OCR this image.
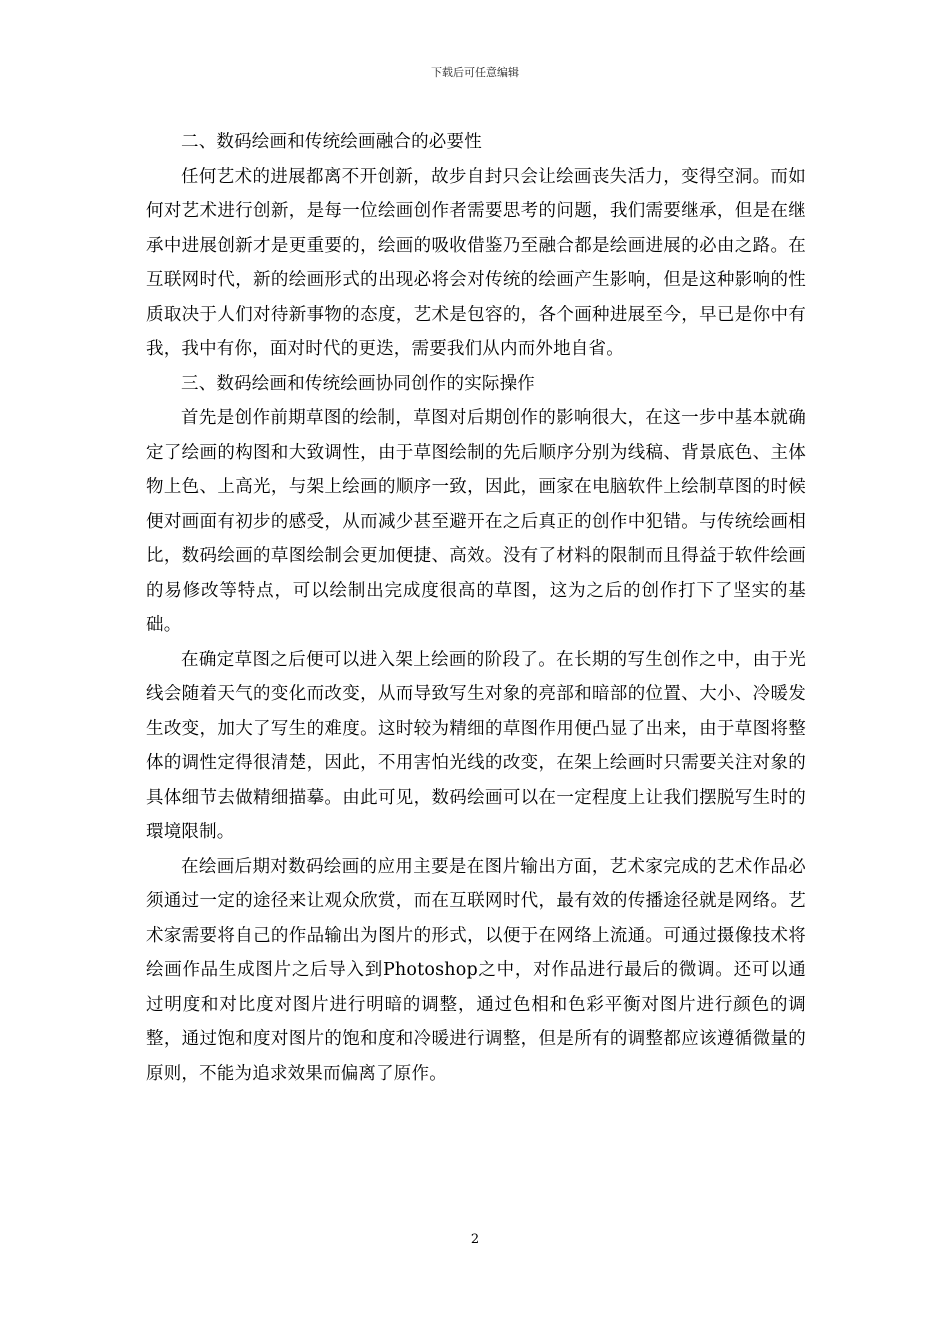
下载后可任意编辑

二、数码绘画和传统绘画融合的必要性

任何艺术的进展都离不开创新，故步自封只会让绘画丧失活力，变得空洞。而如何对艺术进行创新，是每一位绘画创作者需要思考的问题，我们需要继承，但是在继承中进展创新才是更重要的，绘画的吸收借鉴乃至融合都是绘画进展的必由之路。在互联网时代，新的绘画形式的出现必将会对传统的绘画产生影响，但是这种影响的性质取决于人们对待新事物的态度，艺术是包容的，各个画种进展至今，早已是你中有我，我中有你，面对时代的更迭，需要我们从内而外地自省。

三、数码绘画和传统绘画协同创作的实际操作

首先是创作前期草图的绘制，草图对后期创作的影响很大，在这一步中基本就确定了绘画的构图和大致调性，由于草图绘制的先后顺序分别为线稿、背景底色、主体物上色、上高光，与架上绘画的顺序一致，因此，画家在电脑软件上绘制草图的时候便对画面有初步的感受，从而减少甚至避开在之后真正的创作中犯错。与传统绘画相比，数码绘画的草图绘制会更加便捷、高效。没有了材料的限制而且得益于软件绘画的易修改等特点，可以绘制出完成度很高的草图，这为之后的创作打下了坚实的基础。

在确定草图之后便可以进入架上绘画的阶段了。在长期的写生创作之中，由于光线会随着天气的变化而改变，从而导致写生对象的亮部和暗部的位置、大小、冷暖发生改变，加大了写生的难度。这时较为精细的草图作用便凸显了出来，由于草图将整体的调性定得很清楚，因此，不用害怕光线的改变，在架上绘画时只需要关注对象的具体细节去做精细描摹。由此可见，数码绘画可以在一定程度上让我们摆脱写生时的環境限制。

在绘画后期对数码绘画的应用主要是在图片输出方面，艺术家完成的艺术作品必须通过一定的途径来让观众欣赏，而在互联网时代，最有效的传播途径就是网络。艺术家需要将自己的作品输出为图片的形式，以便于在网络上流通。可通过摄像技术将绘画作品生成图片之后导入到Photoshop之中，对作品进行最后的微调。还可以通过明度和对比度对图片进行明暗的调整，通过色相和色彩平衡对图片进行颜色的调整，通过饱和度对图片的饱和度和冷暖进行调整，但是所有的调整都应该遵循微量的原则，不能为追求效果而偏离了原作。

2
